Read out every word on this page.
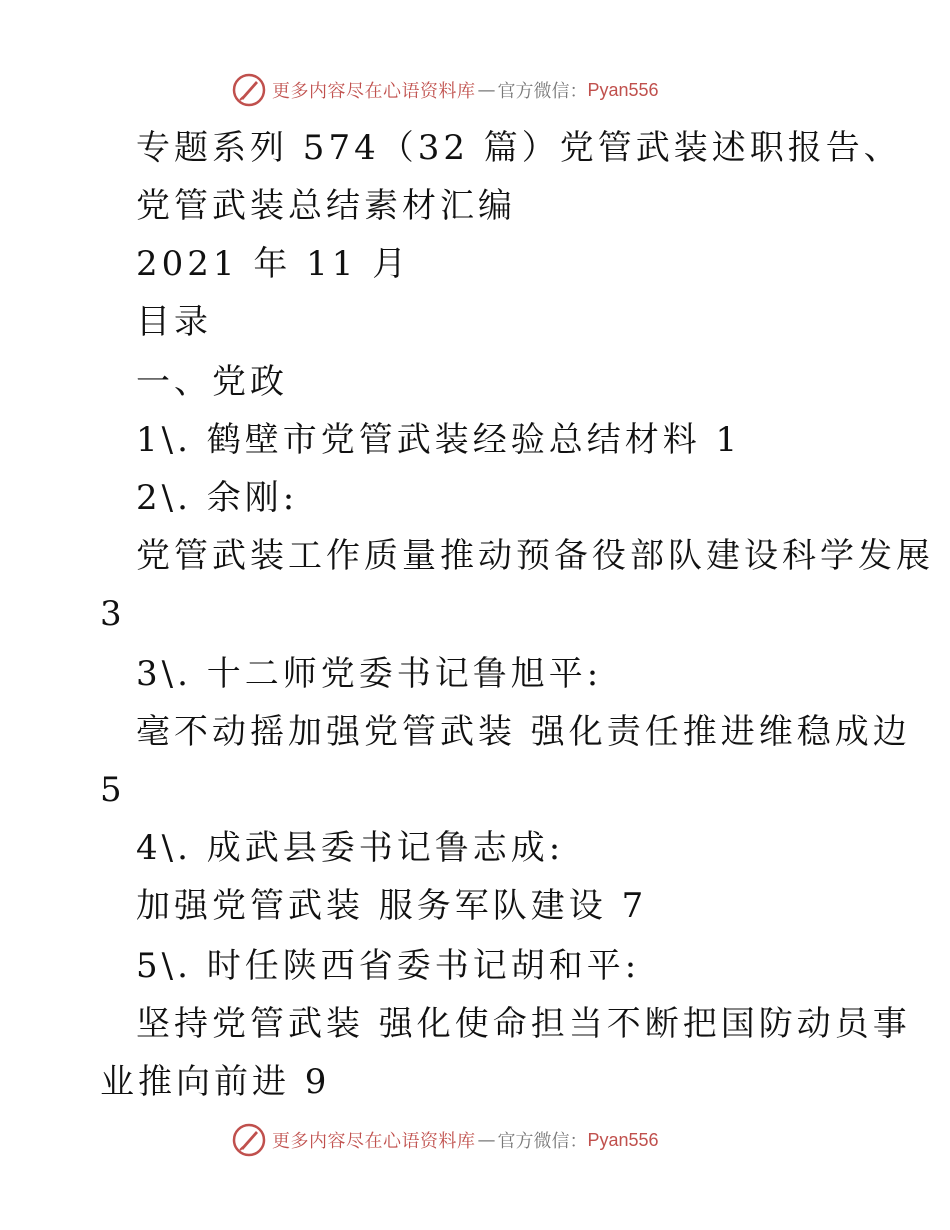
更多内容尽在心语资料库 — 官方微信： Pyan556
专题系列 574（32 篇）党管武装述职报告、
党管武装总结素材汇编
2021 年 11 月
目录
一、党政
1\. 鹤壁市党管武装经验总结材料 1
2\. 余刚:
党管武装工作质量推动预备役部队建设科学发展
3
3\. 十二师党委书记鲁旭平:
毫不动摇加强党管武装 强化责任推进维稳成边
5
4\. 成武县委书记鲁志成:
加强党管武装 服务军队建设 7
5\. 时任陕西省委书记胡和平:
坚持党管武装 强化使命担当不断把国防动员事
业推向前进 9
更多内容尽在心语资料库 — 官方微信： Pyan556
